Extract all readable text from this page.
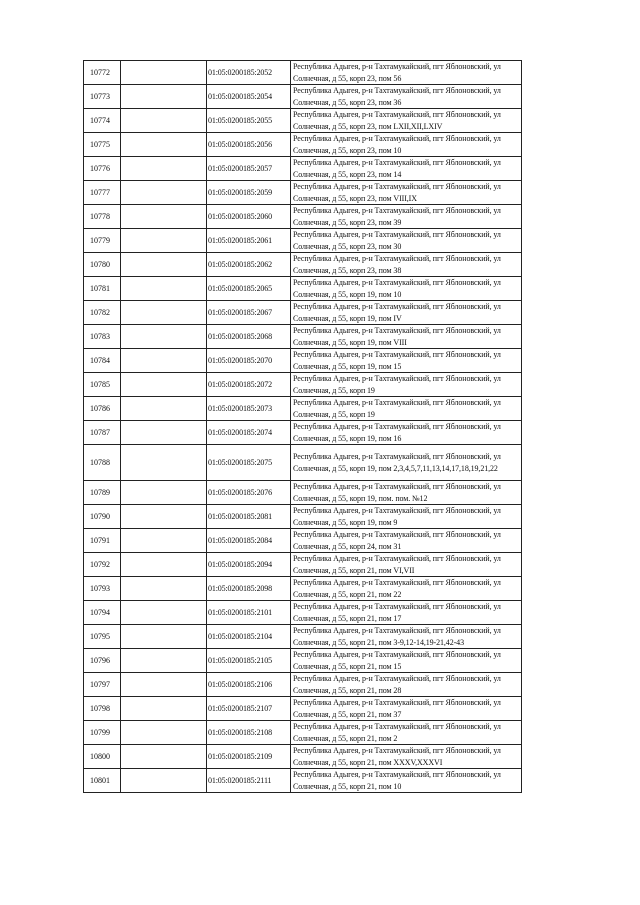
10772		01:05:0200185:2052	Республика Адыгея, р-н Тахтамукайский, пгт Яблоновский, ул Солнечная, д 55, корп 23, пом 56
10773		01:05:0200185:2054	Республика Адыгея, р-н Тахтамукайский, пгт Яблоновский, ул Солнечная, д 55, корп 23, пом 36
10774		01:05:0200185:2055	Республика Адыгея, р-н Тахтамукайский, пгт Яблоновский, ул Солнечная, д 55, корп 23, пом LXII,XII,LXIV
10775		01:05:0200185:2056	Республика Адыгея, р-н Тахтамукайский, пгт Яблоновский, ул Солнечная, д 55, корп 23, пом 10
10776		01:05:0200185:2057	Республика Адыгея, р-н Тахтамукайский, пгт Яблоновский, ул Солнечная, д 55, корп 23, пом 14
10777		01:05:0200185:2059	Республика Адыгея, р-н Тахтамукайский, пгт Яблоновский, ул Солнечная, д 55, корп 23, пом VIII,IX
10778		01:05:0200185:2060	Республика Адыгея, р-н Тахтамукайский, пгт Яблоновский, ул Солнечная, д 55, корп 23, пом 39
10779		01:05:0200185:2061	Республика Адыгея, р-н Тахтамукайский, пгт Яблоновский, ул Солнечная, д 55, корп 23, пом 30
10780		01:05:0200185:2062	Республика Адыгея, р-н Тахтамукайский, пгт Яблоновский, ул Солнечная, д 55, корп 23, пом 38
10781		01:05:0200185:2065	Республика Адыгея, р-н Тахтамукайский, пгт Яблоновский, ул Солнечная, д 55, корп 19, пом 10
10782		01:05:0200185:2067	Республика Адыгея, р-н Тахтамукайский, пгт Яблоновский, ул Солнечная, д 55, корп 19, пом IV
10783		01:05:0200185:2068	Республика Адыгея, р-н Тахтамукайский, пгт Яблоновский, ул Солнечная, д 55, корп 19, пом VIII
10784		01:05:0200185:2070	Республика Адыгея, р-н Тахтамукайский, пгт Яблоновский, ул Солнечная, д 55, корп 19, пом 15
10785		01:05:0200185:2072	Республика Адыгея, р-н Тахтамукайский, пгт Яблоновский, ул Солнечная, д 55, корп 19
10786		01:05:0200185:2073	Республика Адыгея, р-н Тахтамукайский, пгт Яблоновский, ул Солнечная, д 55, корп 19
10787		01:05:0200185:2074	Республика Адыгея, р-н Тахтамукайский, пгт Яблоновский, ул Солнечная, д 55, корп 19, пом 16
10788		01:05:0200185:2075	Республика Адыгея, р-н Тахтамукайский, пгт Яблоновский, ул Солнечная, д 55, корп 19, пом 2,3,4,5,7,11,13,14,17,18,19,21,22
10789		01:05:0200185:2076	Республика Адыгея, р-н Тахтамукайский, пгт Яблоновский, ул Солнечная, д 55, корп 19, пом. пом. №12
10790		01:05:0200185:2081	Республика Адыгея, р-н Тахтамукайский, пгт Яблоновский, ул Солнечная, д 55, корп 19, пом 9
10791		01:05:0200185:2084	Республика Адыгея, р-н Тахтамукайский, пгт Яблоновский, ул Солнечная, д 55, корп 24, пом 31
10792		01:05:0200185:2094	Республика Адыгея, р-н Тахтамукайский, пгт Яблоновский, ул Солнечная, д 55, корп 21, пом VI,VII
10793		01:05:0200185:2098	Республика Адыгея, р-н Тахтамукайский, пгт Яблоновский, ул Солнечная, д 55, корп 21, пом 22
10794		01:05:0200185:2101	Республика Адыгея, р-н Тахтамукайский, пгт Яблоновский, ул Солнечная, д 55, корп 21, пом 17
10795		01:05:0200185:2104	Республика Адыгея, р-н Тахтамукайский, пгт Яблоновский, ул Солнечная, д 55, корп 21, пом 3-9,12-14,19-21,42-43
10796		01:05:0200185:2105	Республика Адыгея, р-н Тахтамукайский, пгт Яблоновский, ул Солнечная, д 55, корп 21, пом 15
10797		01:05:0200185:2106	Республика Адыгея, р-н Тахтамукайский, пгт Яблоновский, ул Солнечная, д 55, корп 21, пом 28
10798		01:05:0200185:2107	Республика Адыгея, р-н Тахтамукайский, пгт Яблоновский, ул Солнечная, д 55, корп 21, пом 37
10799		01:05:0200185:2108	Республика Адыгея, р-н Тахтамукайский, пгт Яблоновский, ул Солнечная, д 55, корп 21, пом 2
10800		01:05:0200185:2109	Республика Адыгея, р-н Тахтамукайский, пгт Яблоновский, ул Солнечная, д 55, корп 21, пом XXXV,XXXVI
10801		01:05:0200185:2111	Республика Адыгея, р-н Тахтамукайский, пгт Яблоновский, ул Солнечная, д 55, корп 21, пом 10
